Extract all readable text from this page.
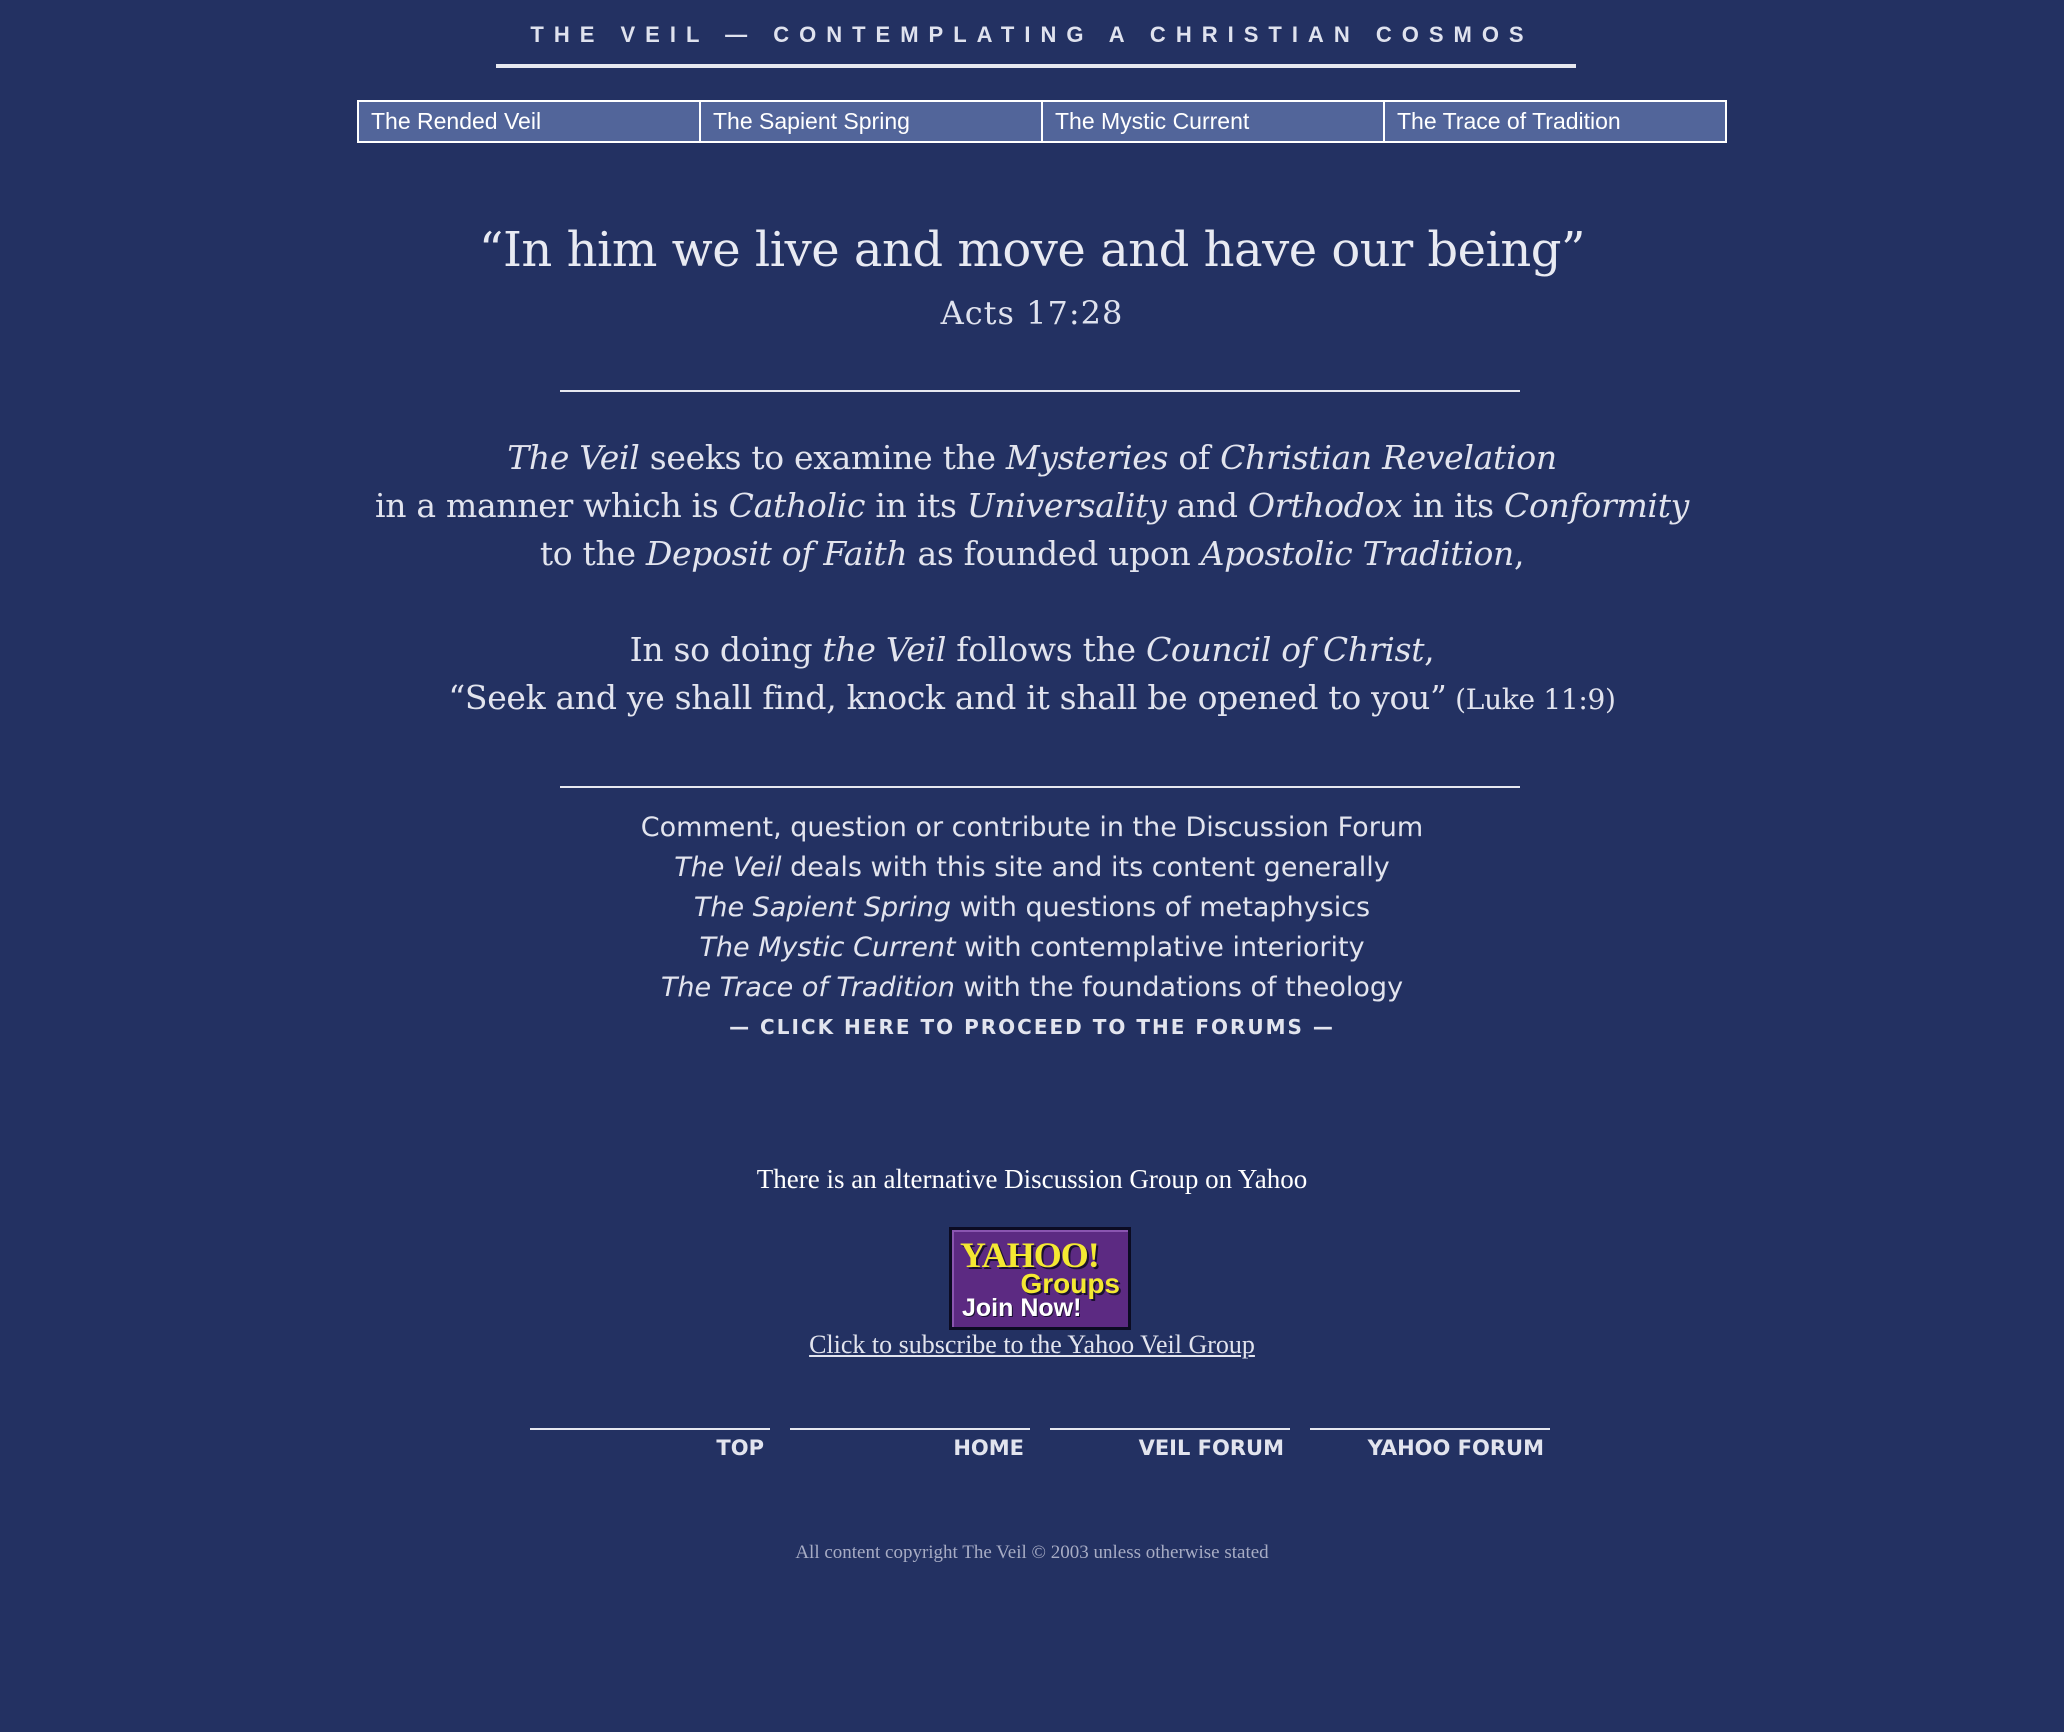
THE VEIL — CONTEMPLATING A CHRISTIAN COSMOS
The Rended Veil	The Sapient Spring	The Mystic Current	The Trace of Tradition
“In him we live and move and have our being”
Acts 17:28
The Veil seeks to examine the Mysteries of Christian Revelation
in a manner which is Catholic in its Universality and Orthodox in its Conformity
to the Deposit of Faith as founded upon Apostolic Tradition,
In so doing the Veil follows the Council of Christ,
“Seek and ye shall find, knock and it shall be opened to you” (Luke 11:9)
Comment, question or contribute in the Discussion Forum
The Veil deals with this site and its content generally
The Sapient Spring with questions of metaphysics
The Mystic Current with contemplative interiority
The Trace of Tradition with the foundations of theology
— CLICK HERE TO PROCEED TO THE FORUMS —
There is an alternative Discussion Group on Yahoo
YAHOO!
Groups
Join Now!
Click to subscribe to the Yahoo Veil Group
TOP	HOME	VEIL FORUM	YAHOO FORUM
All content copyright The Veil © 2003 unless otherwise stated
